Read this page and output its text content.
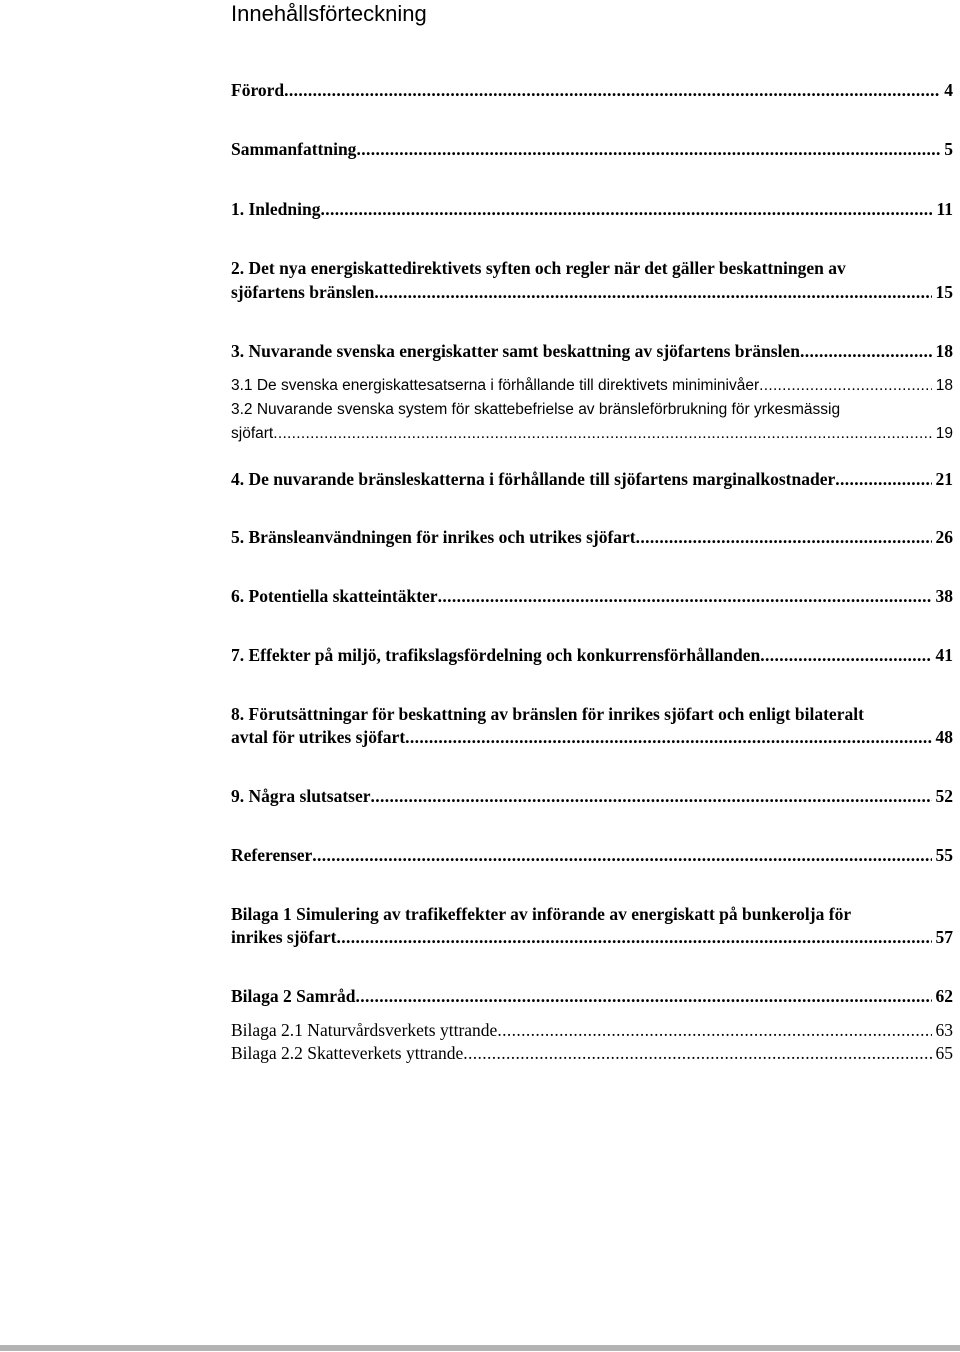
Innehållsförteckning
Förord . . .	4
Sammanfattning . . .	5
1. Inledning . . .	11
2. Det nya energiskattedirektivets syften och regler när det gäller beskattningen av
sjöfartens bränslen . . .	15
3. Nuvarande svenska energiskatter samt beskattning av sjöfartens bränslen . . .	18
3.1 De svenska energiskattesatserna i förhållande till direktivets miniminivåer . . .	18
3.2 Nuvarande svenska system för skattebefrielse av bränsleförbrukning för yrkesmässig
sjöfart . . .	19
4. De nuvarande bränsleskatterna i förhållande till sjöfartens marginalkostnader . . .	21
5. Bränsleanvändningen för inrikes och utrikes sjöfart . . .	26
6. Potentiella skatteintäkter . . .	38
7. Effekter på miljö, trafikslagsfördelning och konkurrensförhållanden . . .	41
8. Förutsättningar för beskattning av bränslen för inrikes sjöfart och enligt bilateralt
avtal för utrikes sjöfart . . .	48
9. Några slutsatser . . .	52
Referenser . . .	55
Bilaga 1 Simulering av trafikeffekter av införande av energiskatt på bunkerolja för
inrikes sjöfart . . .	57
Bilaga 2 Samråd . . .	62
Bilaga 2.1 Naturvårdsverkets yttrande . . .	63
Bilaga 2.2 Skatteverkets yttrande . . .	65
